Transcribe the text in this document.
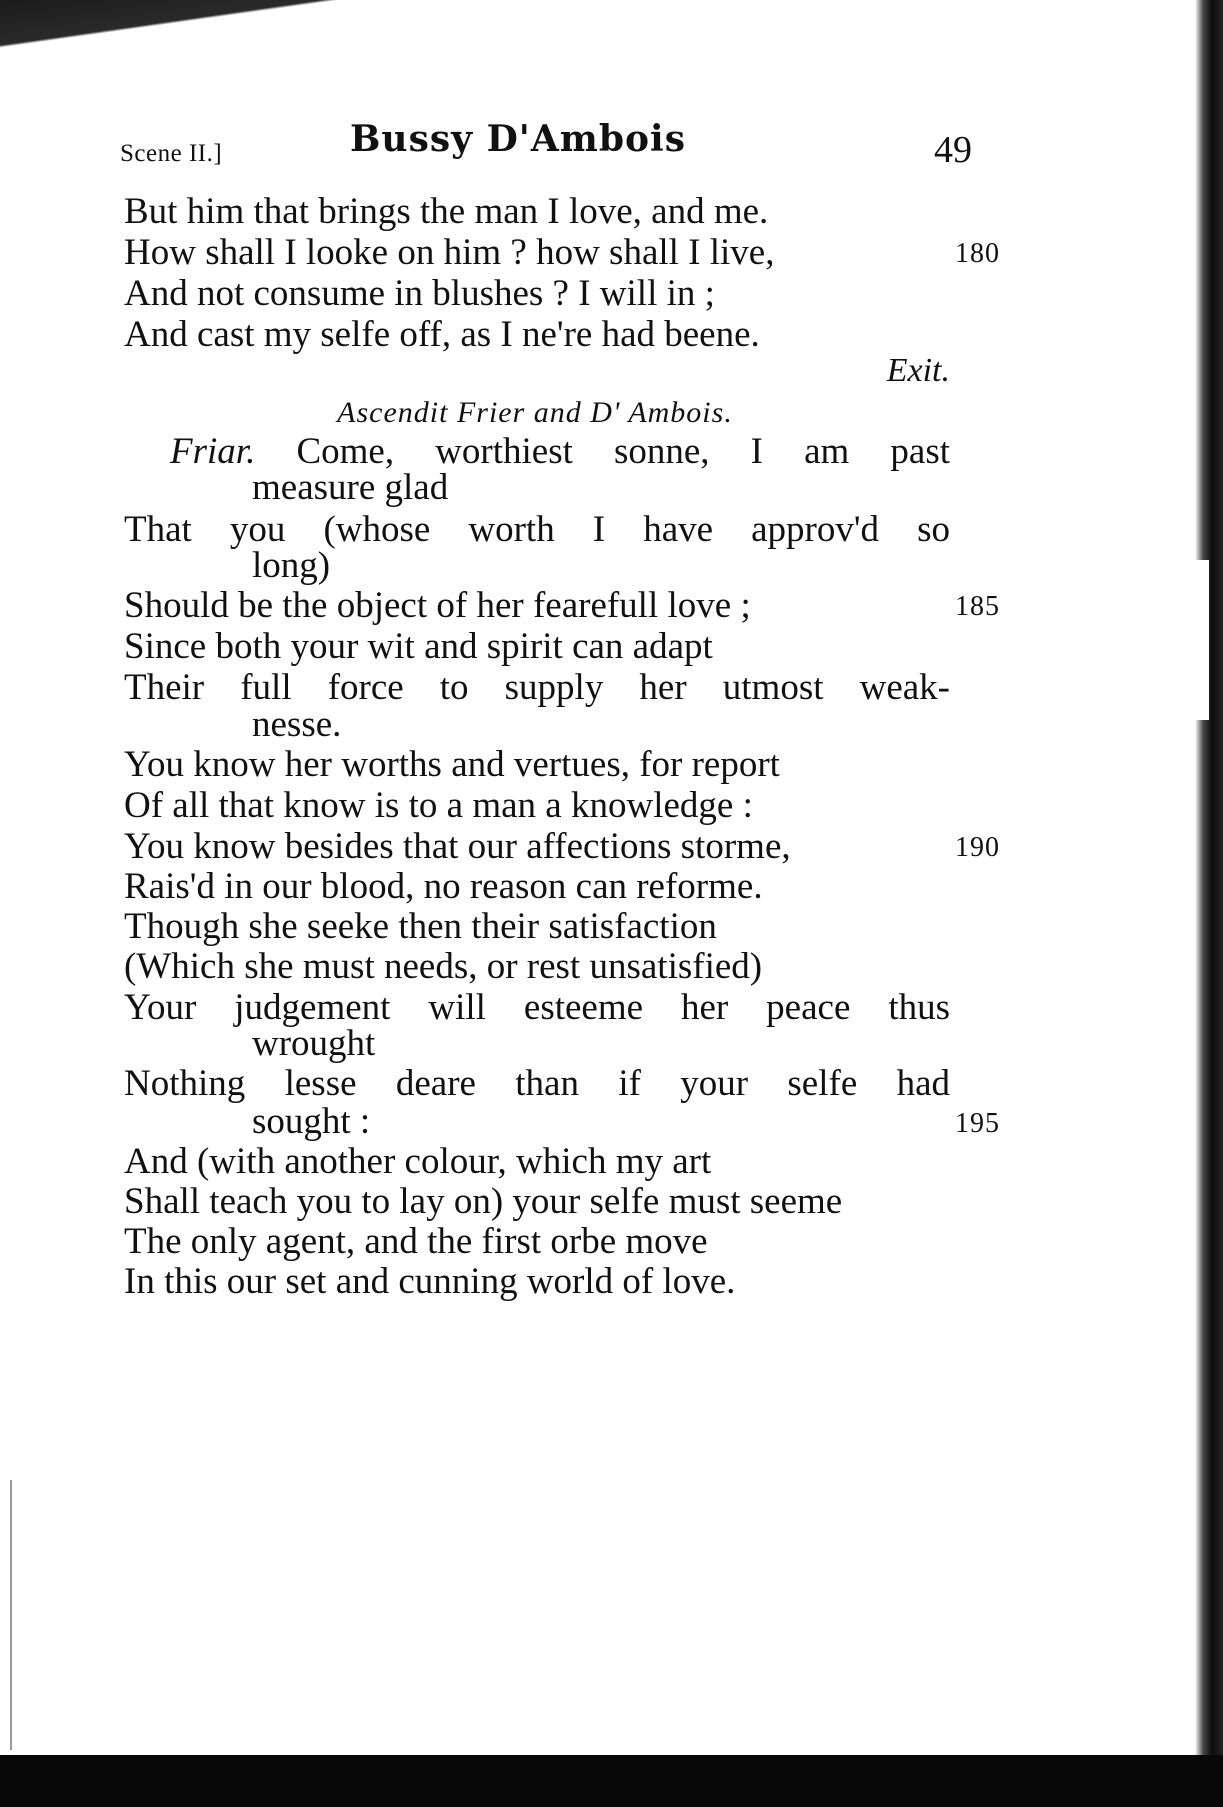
Scene II.]	Bussy D'Ambois	49
But him that brings the man I love, and me.
How shall I looke on him ? how shall I live,	180
And not consume in blushes ? I will in ;
And cast my selfe off, as I ne're had beene.
Exit.
Ascendit Frier and D' Ambois.
Friar. Come, worthiest sonne, I am past
measure glad
That you (whose worth I have approv'd so
long)
Should be the object of her fearefull love ;	185
Since both your wit and spirit can adapt
Their full force to supply her utmost weak-
nesse.
You know her worths and vertues, for report
Of all that know is to a man a knowledge :
You know besides that our affections storme,	190
Rais'd in our blood, no reason can reforme.
Though she seeke then their satisfaction
(Which she must needs, or rest unsatisfied)
Your judgement will esteeme her peace thus
wrought
Nothing lesse deare than if your selfe had
sought :	195
And (with another colour, which my art
Shall teach you to lay on) your selfe must seeme
The only agent, and the first orbe move
In this our set and cunning world of love.
